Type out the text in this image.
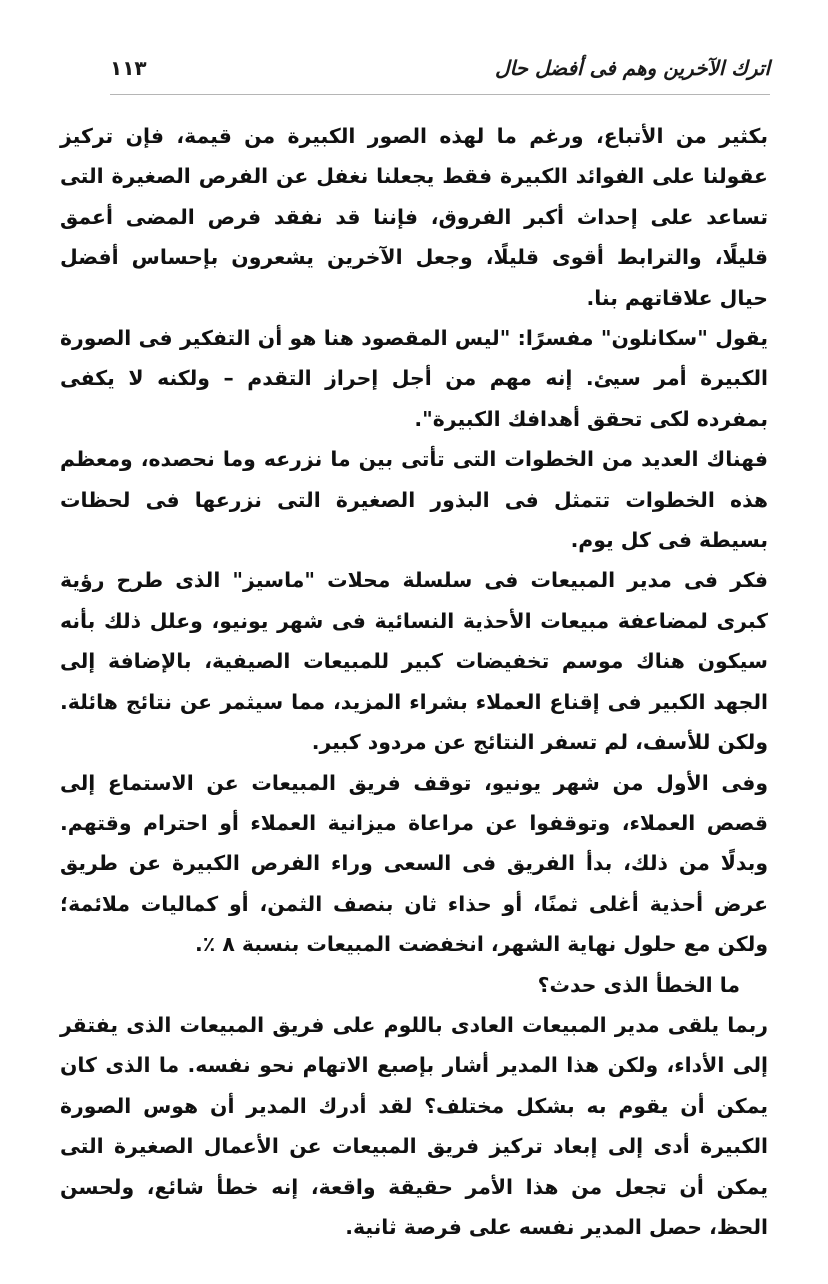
اترك الآخرين وهم فى أفضل حال
١١٣

بكثير من الأتباع، ورغم ما لهذه الصور الكبيرة من قيمة، فإن تركيز عقولنا على الفوائد الكبيرة فقط يجعلنا نغفل عن الفرص الصغيرة التى تساعد على إحداث أكبر الفروق، فإننا قد نفقد فرص المضى أعمق قليلًا، والترابط أقوى قليلًا، وجعل الآخرين يشعرون بإحساس أفضل حيال علاقاتهم بنا.

يقول "سكانلون" مفسرًا: "ليس المقصود هنا هو أن التفكير فى الصورة الكبيرة أمر سيئ. إنه مهم من أجل إحراز التقدم – ولكنه لا يكفى بمفرده لكى تحقق أهدافك الكبيرة".

فهناك العديد من الخطوات التى تأتى بين ما نزرعه وما نحصده، ومعظم هذه الخطوات تتمثل فى البذور الصغيرة التى نزرعها فى لحظات بسيطة فى كل يوم.

فكر فى مدير المبيعات فى سلسلة محلات "ماسيز" الذى طرح رؤية كبرى لمضاعفة مبيعات الأحذية النسائية فى شهر يونيو، وعلل ذلك بأنه سيكون هناك موسم تخفيضات كبير للمبيعات الصيفية، بالإضافة إلى الجهد الكبير فى إقناع العملاء بشراء المزيد، مما سيثمر عن نتائج هائلة. ولكن للأسف، لم تسفر النتائج عن مردود كبير.

وفى الأول من شهر يونيو، توقف فريق المبيعات عن الاستماع إلى قصص العملاء، وتوقفوا عن مراعاة ميزانية العملاء أو احترام وقتهم. وبدلًا من ذلك، بدأ الفريق فى السعى وراء الفرص الكبيرة عن طريق عرض أحذية أغلى ثمنًا، أو حذاء ثان بنصف الثمن، أو كماليات ملائمة؛ ولكن مع حلول نهاية الشهر، انخفضت المبيعات بنسبة ٨ ٪.

ما الخطأ الذى حدث؟

ربما يلقى مدير المبيعات العادى باللوم على فريق المبيعات الذى يفتقر إلى الأداء، ولكن هذا المدير أشار بإصبع الاتهام نحو نفسه. ما الذى كان يمكن أن يقوم به بشكل مختلف؟ لقد أدرك المدير أن هوس الصورة الكبيرة أدى إلى إبعاد تركيز فريق المبيعات عن الأعمال الصغيرة التى يمكن أن تجعل من هذا الأمر حقيقة واقعة، إنه خطأ شائع، ولحسن الحظ، حصل المدير نفسه على فرصة ثانية.
